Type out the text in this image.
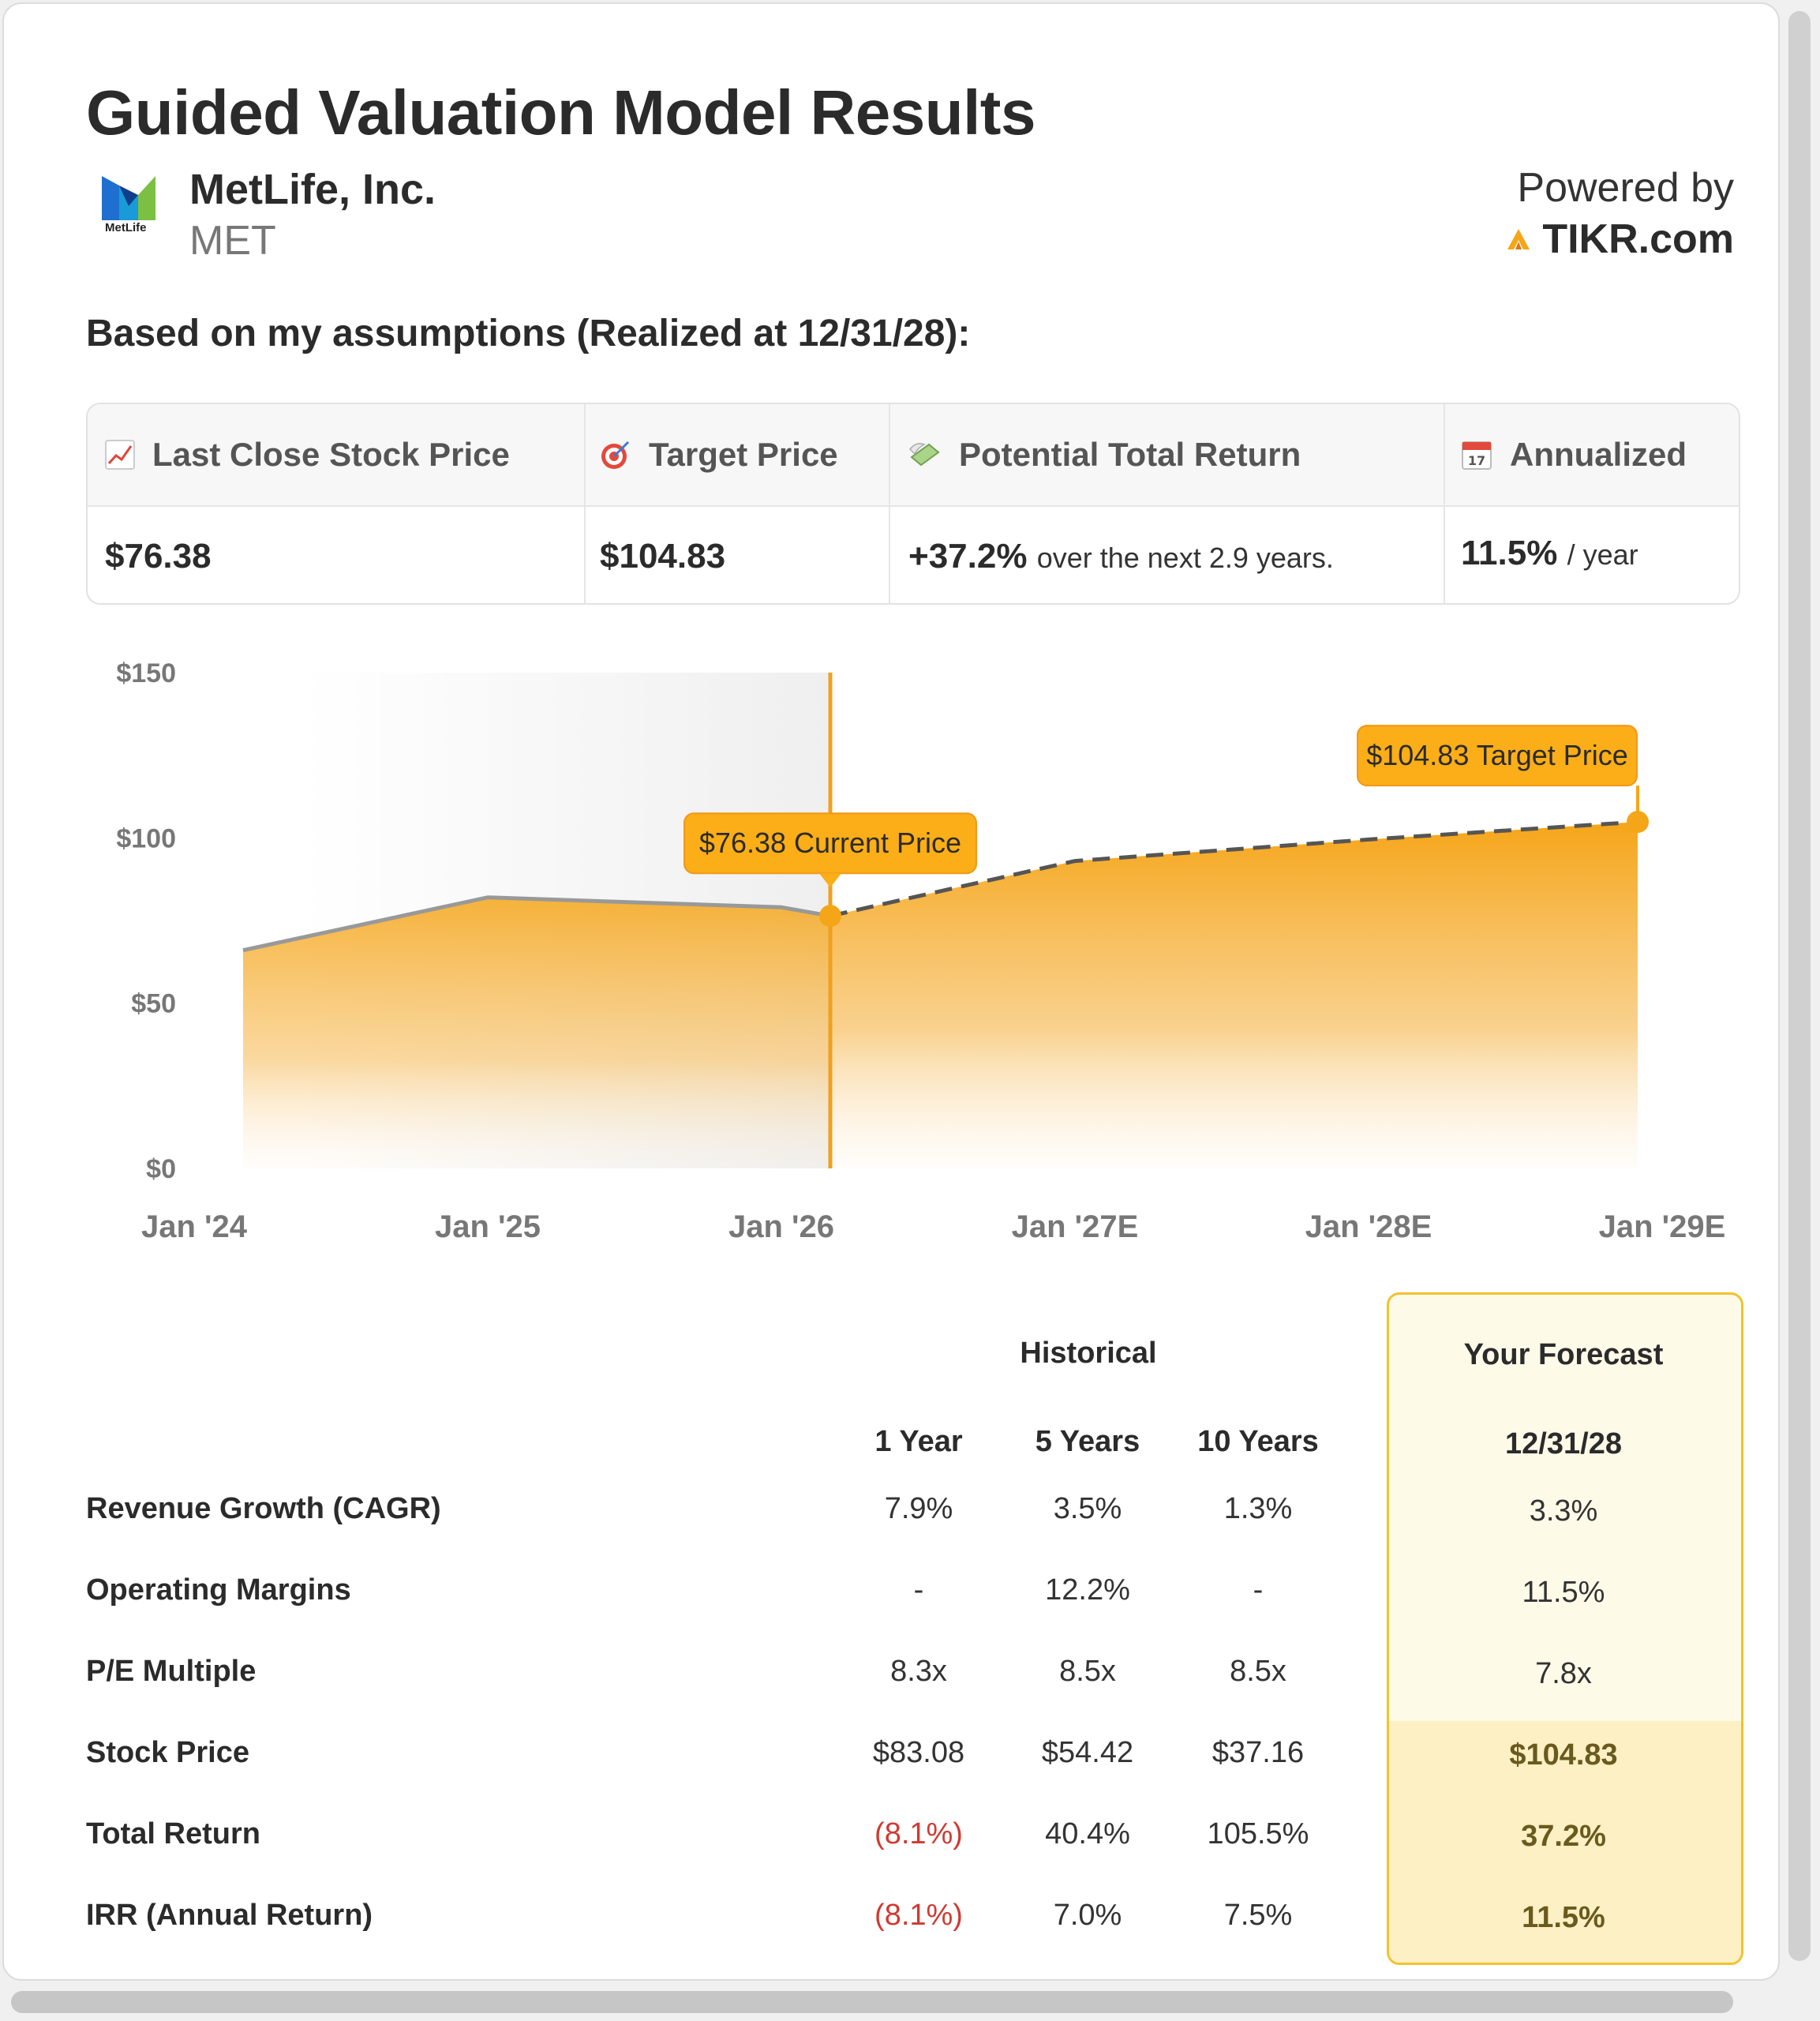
Guided Valuation Model Results
MetLife
MetLife, Inc.
MET
Powered by
TIKR.com
Based on my assumptions (Realized at 12/31/28):
Last Close Stock Price	Target Price	Potential Total Return	17 Annualized
$76.38	$104.83	+37.2% over the next 2.9 years.	11.5% / year
$150
$100
$50
$0
Jan '24	Jan '25	Jan '26	Jan '27E	Jan '28E	Jan '29E
$76.38 Current Price
$104.83 Target Price
Historical	Your Forecast
1 Year 5 Years 10 Years	12/31/28
Revenue Growth (CAGR)	7.9%	3.5%	1.3%	3.3%
Operating Margins	-	12.2%	-	11.5%
P/E Multiple	8.3x	8.5x	8.5x	7.8x
Stock Price	$83.08	$54.42	$37.16	$104.83
Total Return	(8.1%)	40.4%	105.5%	37.2%
IRR (Annual Return)	(8.1%)	7.0%	7.5%	11.5%
